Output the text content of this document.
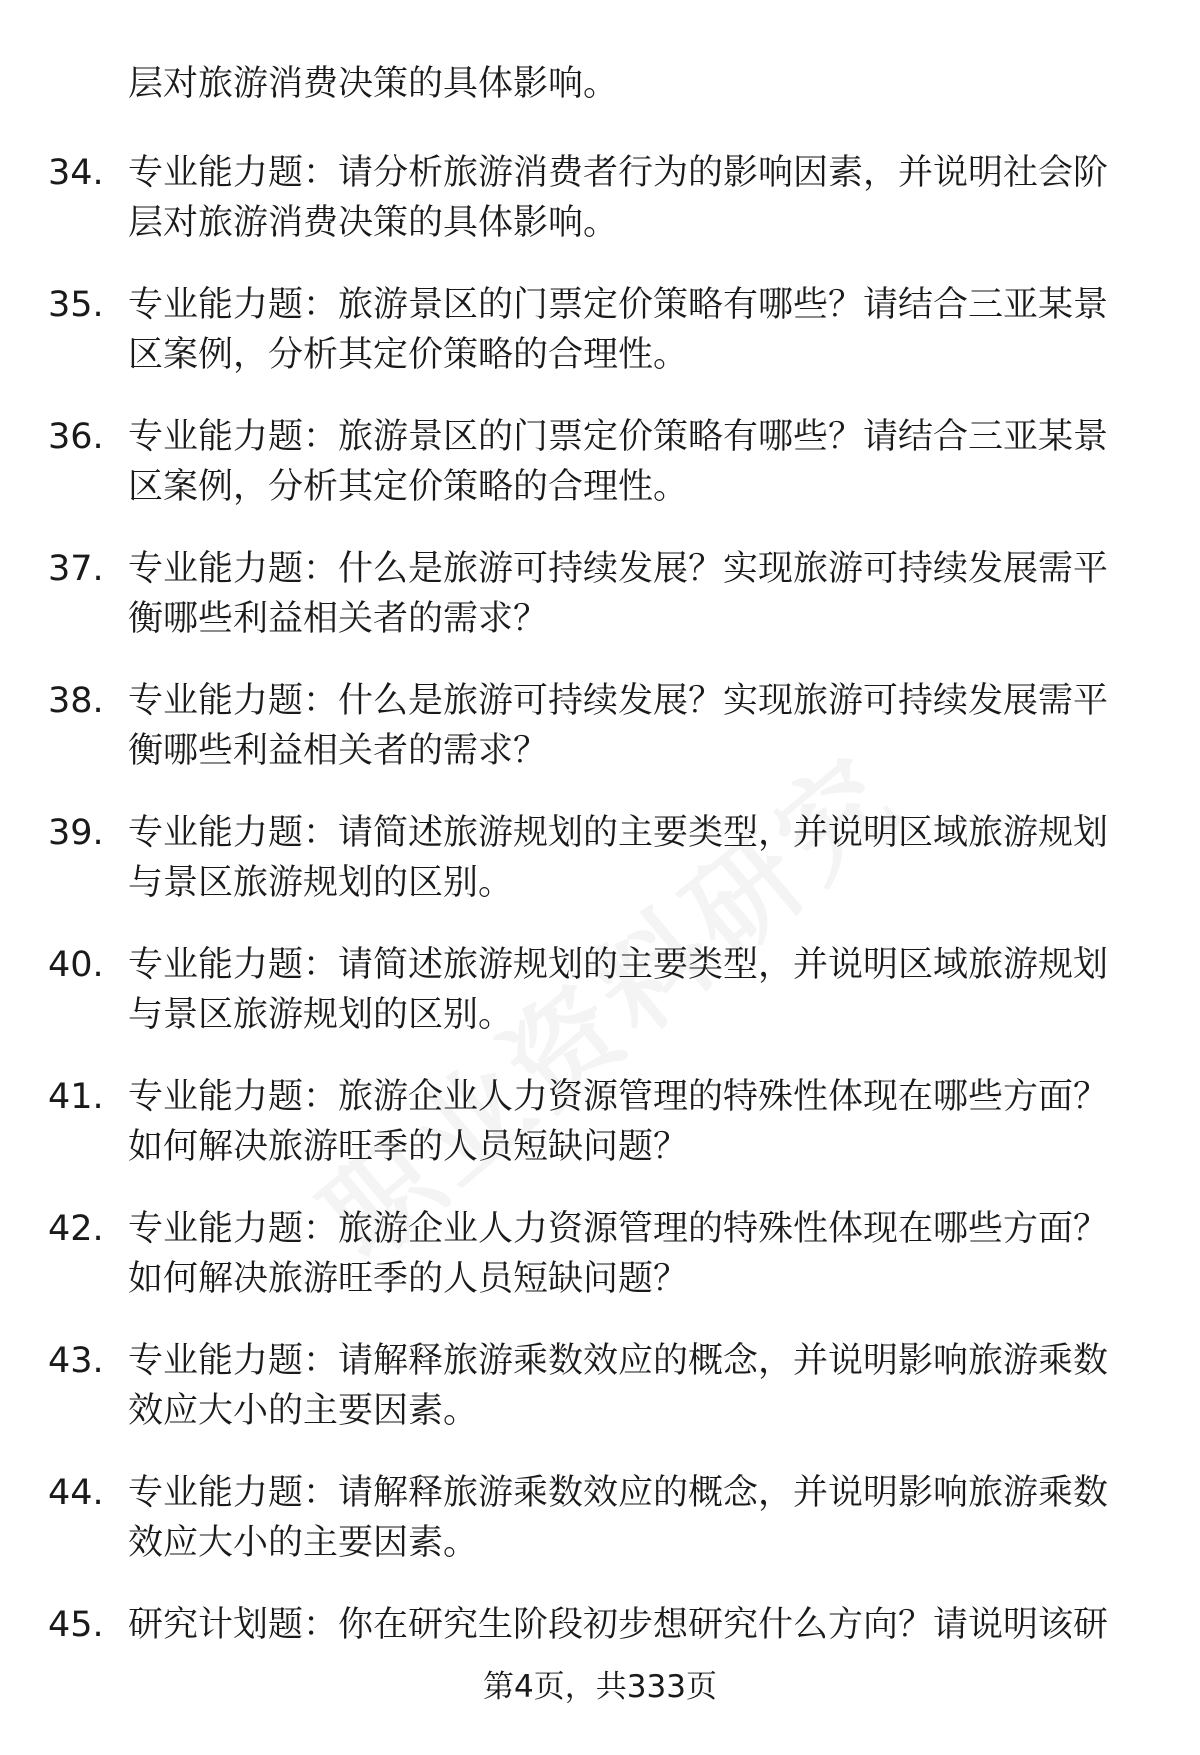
层对旅游消费决策的具体影响。
34. 专业能力题：请分析旅游消费者行为的影响因素，并说明社会阶
层对旅游消费决策的具体影响。
35. 专业能力题：旅游景区的门票定价策略有哪些？请结合三亚某景
区案例，分析其定价策略的合理性。
36. 专业能力题：旅游景区的门票定价策略有哪些？请结合三亚某景
区案例，分析其定价策略的合理性。
37. 专业能力题：什么是旅游可持续发展？实现旅游可持续发展需平
衡哪些利益相关者的需求？
38. 专业能力题：什么是旅游可持续发展？实现旅游可持续发展需平
衡哪些利益相关者的需求？
39. 专业能力题：请简述旅游规划的主要类型，并说明区域旅游规划
与景区旅游规划的区别。
40. 专业能力题：请简述旅游规划的主要类型，并说明区域旅游规划
与景区旅游规划的区别。
41. 专业能力题：旅游企业人力资源管理的特殊性体现在哪些方面？
如何解决旅游旺季的人员短缺问题？
42. 专业能力题：旅游企业人力资源管理的特殊性体现在哪些方面？
如何解决旅游旺季的人员短缺问题？
43. 专业能力题：请解释旅游乘数效应的概念，并说明影响旅游乘数
效应大小的主要因素。
44. 专业能力题：请解释旅游乘数效应的概念，并说明影响旅游乘数
效应大小的主要因素。
45. 研究计划题：你在研究生阶段初步想研究什么方向？请说明该研
第4页，共333页
